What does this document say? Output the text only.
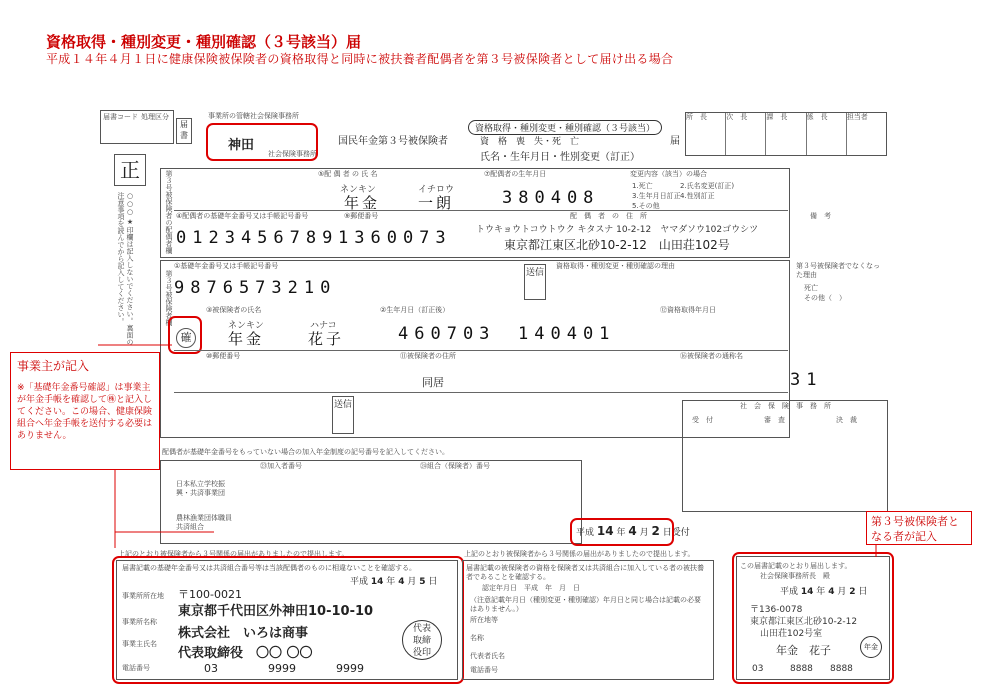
資格取得・種別変更・種別確認（３号該当）届
平成１４年４月１日に健康保険被保険者の資格取得と同時に被扶養者配偶者を第３号被保険者として届け出る場合
届書コード 処理区分
届書
事業所の管轄社会保険事務所
神田
社会保険事務所
国民年金第３号被保険者
資格取得・種別変更・種別確認（３号該当）
資　格　喪　失・死　亡	届
氏名・生年月日・性別変更（訂正）
所　長	次　長	課　長	係　長	担当者
正
○○○ ★印欄は記入しないでください。裏面の注意事項を読んでから記入してください。	第３号被保険者の配偶者欄	⑤配 偶 者 の 氏 名
ネンキン	イチロウ
年金	一朗
⑦配偶者の生年月日
380408
変更内容（該当）の場合
1.死亡	2.氏名変更(訂正)
3.生年月日訂正 4.性別訂正
5.その他
④配偶者の基礎年金番号又は手帳記号番号
0123456789
⑨郵便番号
1360073
配　偶　者　の　住　所
トウキョウトコウトウク キタスナ 10-2-12　ヤマダソウ102ゴウシツ
東京都江東区北砂10-2-12　山田荘102号
備　考
第３号被保険者欄
①基礎年金番号又は手帳記号番号
9876573210
送信
資格取得・種別変更・種別確認の理由	第３号被保険者でなくなった理由
死亡
その他（　）
確
③被保険者の氏名
ネンキン	ハナコ
年金	花子
②生年月日（訂正後）
460703
⑫資格取得年月日
140401
⑩郵便番号	⑪被保険者の住所
同居
⑯被保険者の通称名
31
送信	社　会　保　険　事　務　所
受　付	審　査	決　裁
配偶者が基礎年金番号をもっていない場合の加入年金制度の記号番号を記入してください。
㉓加入者番号	㉔組合（保険者）番号
日本私立学校振興・共済事業団
農林漁業団体職員共済組合
平成 14 年 4 月 2 日受付
上記のとおり被保険者から３号関係の届出がありましたので提出します。
届書記載の基礎年金番号又は共済組合番号等は当該配偶者のものに相違ないことを確認する。
平成 14 年 4 月 5 日
事業所所在地 〒100-0021
東京都千代田区外神田10-10-10
事業所名称
株式会社　いろは商事
事業主氏名
代表取締役　〇〇 〇〇
電話番号	03	9999	9999
代表
取締
役印
上記のとおり被保険者から３号関係の届出がありましたので提出します。
届書記載の被保険者の資格を保険者又は共済組合に加入している者の被扶養者であることを確認する。
認定年月日　平成　年　月　日
（注意記載年月日（種別変更・種別確認）年月日と同じ場合は記載の必要はありません。）
所在地等
名称
代表者氏名
電話番号
この届書記載のとおり届出します。
社会保険事務所長　殿
平成 14 年 4 月 2 日
〒136-0078
東京都江東区北砂10-2-12
山田荘102号室
年金　花子	年金
03	8888 8888
事業主が記入
※「基礎年金番号確認」は事業主が年金手帳を確認して㊑と記入してください。この場合、健康保険組合へ年金手帳を送付する必要はありません。
第３号被保険者となる者が記入
